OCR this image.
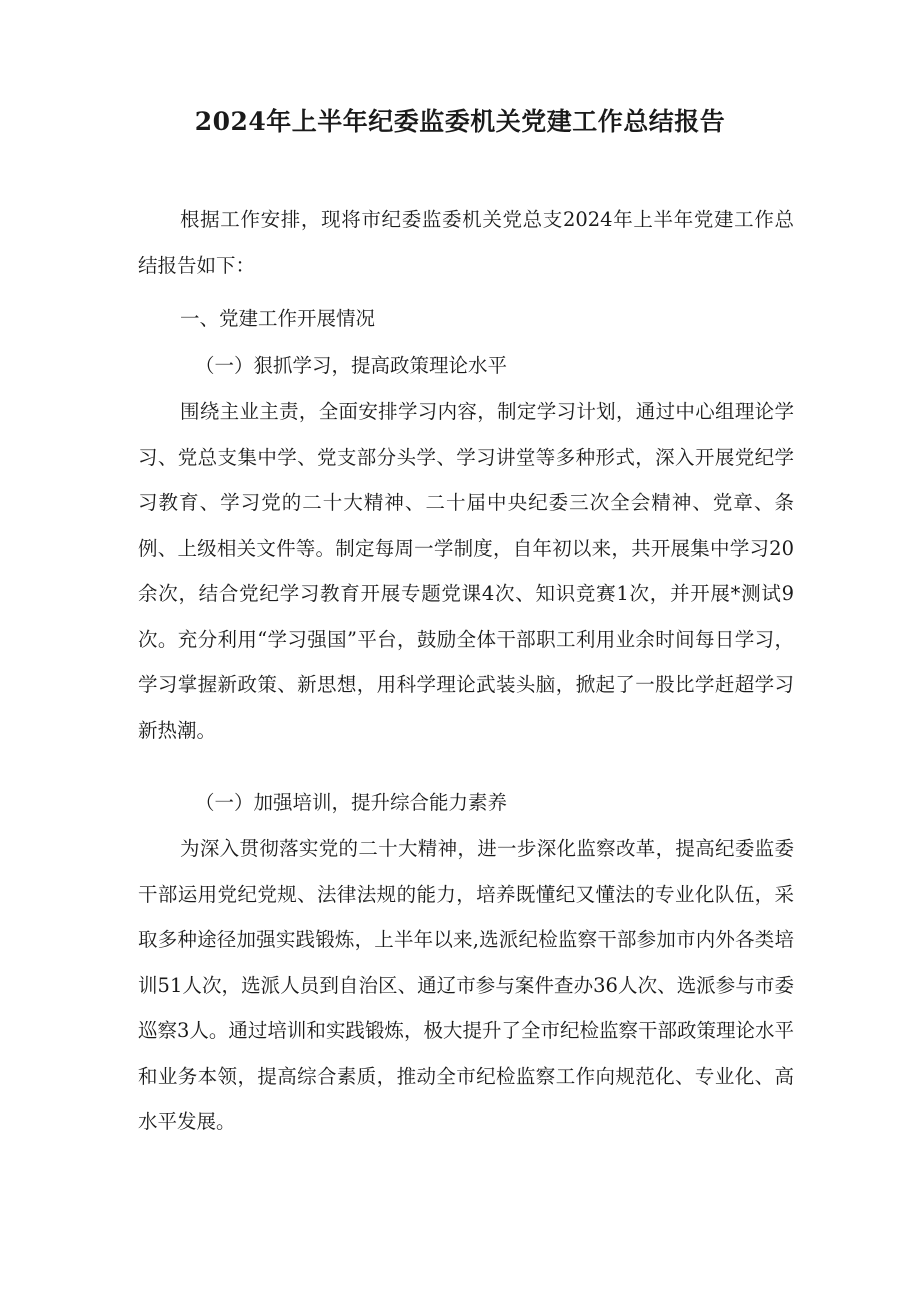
2024年上半年纪委监委机关党建工作总结报告

根据工作安排，现将市纪委监委机关党总支2024年上半年党建工作总结报告如下：

一、党建工作开展情况

（一）狠抓学习，提高政策理论水平

围绕主业主责，全面安排学习内容，制定学习计划，通过中心组理论学习、党总支集中学、党支部分头学、学习讲堂等多种形式，深入开展党纪学习教育、学习党的二十大精神、二十届中央纪委三次全会精神、党章、条例、上级相关文件等。制定每周一学制度，自年初以来，共开展集中学习20余次，结合党纪学习教育开展专题党课4次、知识竞赛1次，并开展*测试9次。充分利用“学习强国”平台，鼓励全体干部职工利用业余时间每日学习，学习掌握新政策、新思想，用科学理论武装头脑，掀起了一股比学赶超学习新热潮。

（一）加强培训，提升综合能力素养

为深入贯彻落实党的二十大精神，进一步深化监察改革，提高纪委监委干部运用党纪党规、法律法规的能力，培养既懂纪又懂法的专业化队伍，采取多种途径加强实践锻炼，上半年以来,选派纪检监察干部参加市内外各类培训51人次，选派人员到自治区、通辽市参与案件查办36人次、选派参与市委巡察3人。通过培训和实践锻炼，极大提升了全市纪检监察干部政策理论水平和业务本领，提高综合素质，推动全市纪检监察工作向规范化、专业化、高水平发展。
